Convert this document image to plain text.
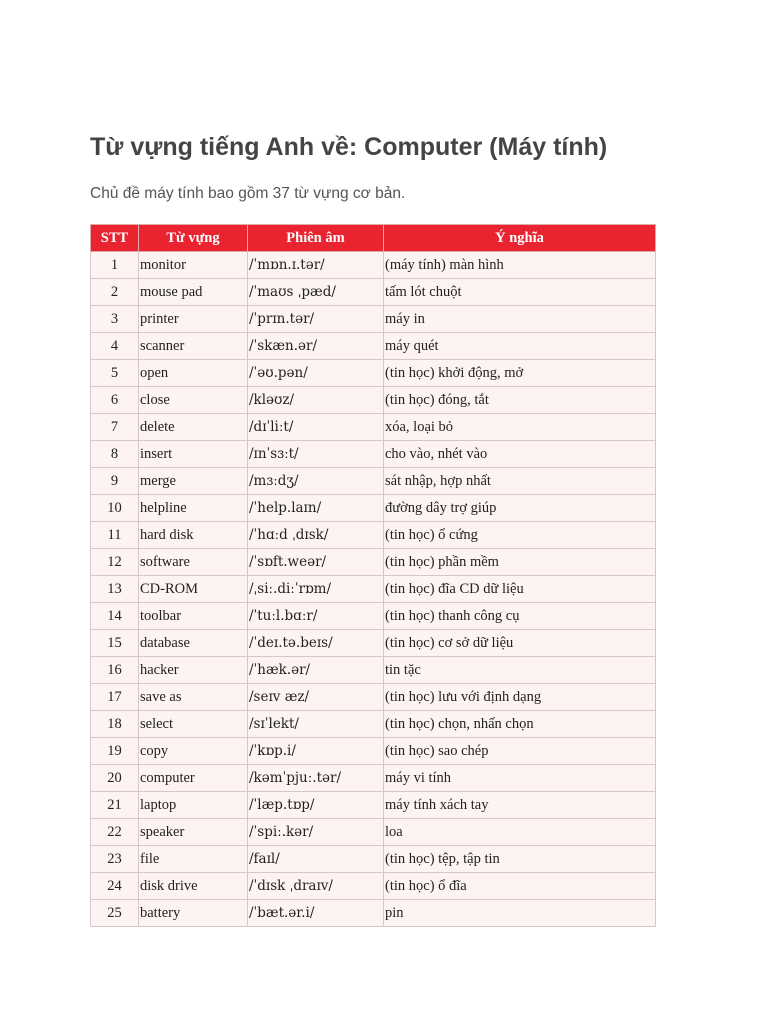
Từ vựng tiếng Anh về: Computer (Máy tính)

Chủ đề máy tính bao gồm 37 từ vựng cơ bản.

STT	Từ vựng	Phiên âm	Ý nghĩa
1	monitor	/ˈmɒn.ɪ.tər/	(máy tính) màn hình
2	mouse pad	/ˈmaʊs ˌpæd/	tấm lót chuột
3	printer	/ˈprɪn.tər/	máy in
4	scanner	/ˈskæn.ər/	máy quét
5	open	/ˈəʊ.pən/	(tin học) khởi động, mở
6	close	/kləʊz/	(tin học) đóng, tắt
7	delete	/dɪˈliːt/	xóa, loại bỏ
8	insert	/ɪnˈsɜːt/	cho vào, nhét vào
9	merge	/mɜːdʒ/	sát nhập, hợp nhất
10	helpline	/ˈhelp.laɪn/	đường dây trợ giúp
11	hard disk	/ˈhɑːd ˌdɪsk/	(tin học) ổ cứng
12	software	/ˈsɒft.weər/	(tin học) phần mềm
13	CD-ROM	/ˌsiː.diːˈrɒm/	(tin học) đĩa CD dữ liệu
14	toolbar	/ˈtuːl.bɑːr/	(tin học) thanh công cụ
15	database	/ˈdeɪ.tə.beɪs/	(tin học) cơ sở dữ liệu
16	hacker	/ˈhæk.ər/	tin tặc
17	save as	/seɪv æz/	(tin học) lưu với định dạng
18	select	/sɪˈlekt/	(tin học) chọn, nhấn chọn
19	copy	/ˈkɒp.i/	(tin học) sao chép
20	computer	/kəmˈpjuː.tər/	máy vi tính
21	laptop	/ˈlæp.tɒp/	máy tính xách tay
22	speaker	/ˈspiː.kər/	loa
23	file	/faɪl/	(tin học) tệp, tập tin
24	disk drive	/ˈdɪsk ˌdraɪv/	(tin học) ổ đĩa
25	battery	/ˈbæt.ər.i/	pin
